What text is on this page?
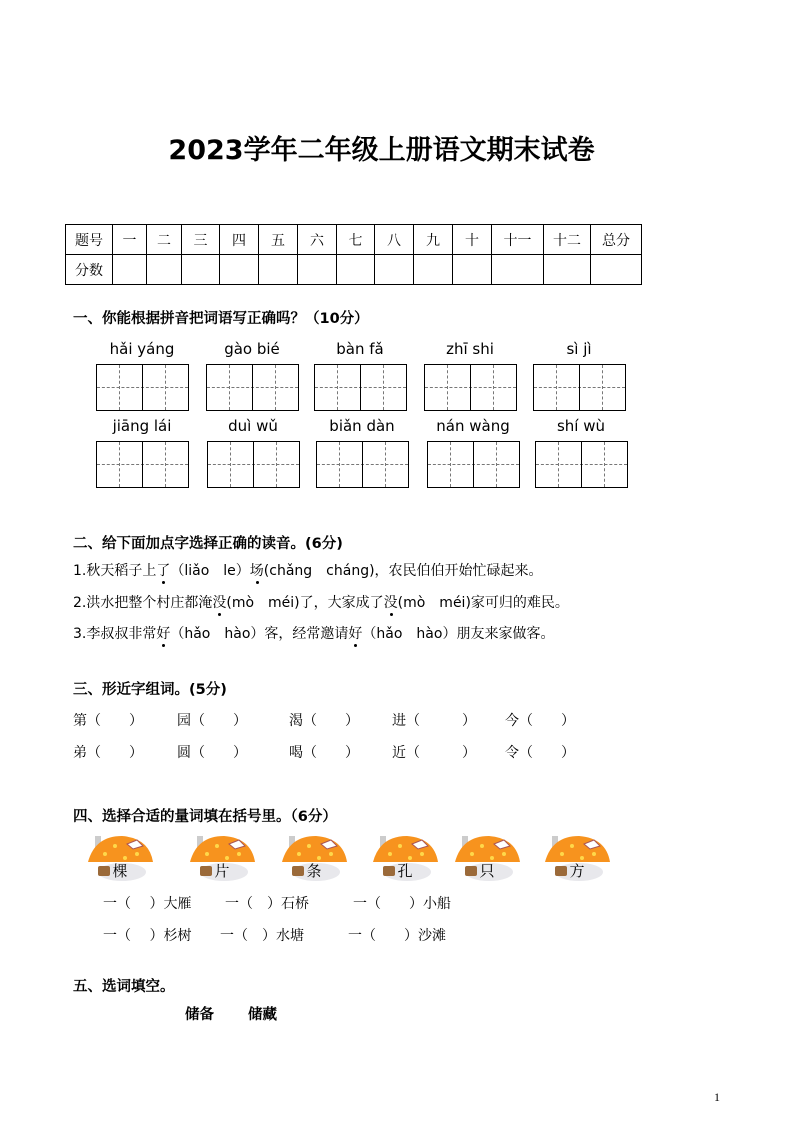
2023学年二年级上册语文期末试卷
题号	一	二	三	四	五	六	七	八	九	十	十一	十二	总分
分数													
一、你能根据拼音把词语写正确吗？（10分）
hǎi yáng	gào bié	bàn fǎ	zhī shi	sì jì
jiāng lái	duì wǔ	biǎn dàn	nán wàng	shí wù
二、给下面加点字选择正确的读音。(6分)
1.秋天稻子上了（liǎo　le）场(chǎng　cháng)，农民伯伯开始忙碌起来。
2.洪水把整个村庄都淹没(mò　méi)了，大家成了没(mò　méi)家可归的难民。
3.李叔叔非常好（hǎo　hào）客，经常邀请好（hǎo　hào）朋友来家做客。
三、形近字组词。(5分)
第（　　） 园（　　）	渴（　　） 进（　　　） 今（　　）
弟（　　） 圆（　　）	喝（　　） 近（　　　） 令（　　）
四、选择合适的量词填在括号里。（6分）
棵	片	条	孔	只	方
一（　 ）大雁 一（　）石桥	一（　　）小船
一（　 ）杉树 一（　）水塘	一（　　）沙滩
五、选词填空。
储备 储藏
1
